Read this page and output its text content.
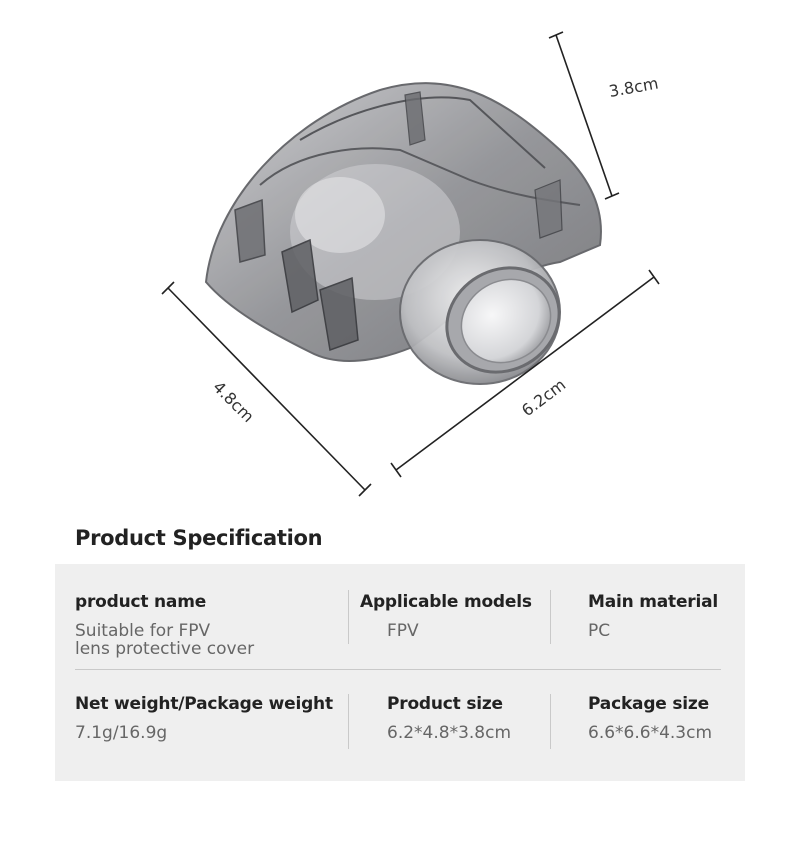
3.8cm
6.2cm
4.8cm
Product Specification
product name
Suitable for FPV
lens protective cover
Applicable models
FPV
Main material
PC
Net weight/Package weight
7.1g/16.9g
Product size
6.2*4.8*3.8cm
Package size
6.6*6.6*4.3cm
